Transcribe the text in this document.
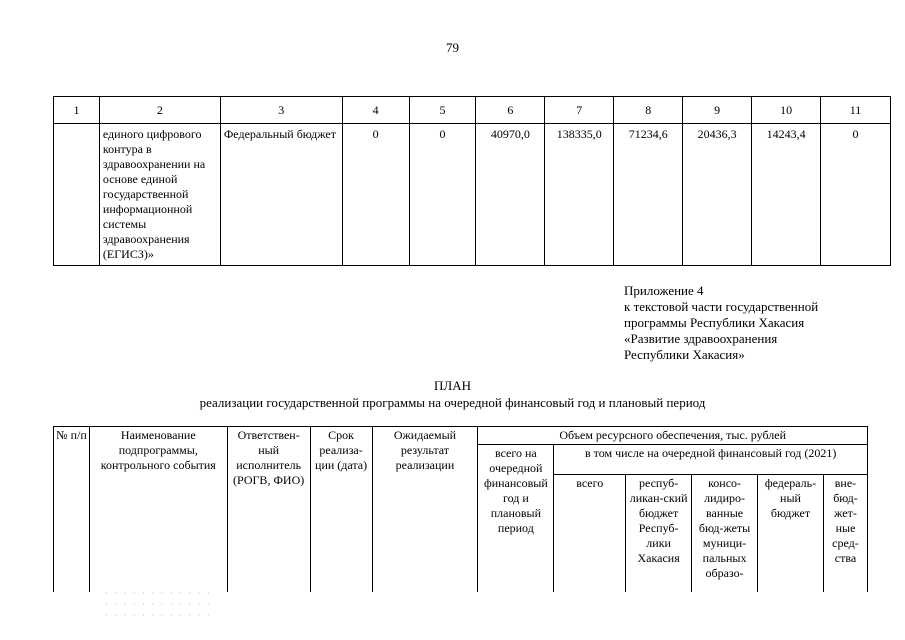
79
1	2	3	4	5	6	7	8	9	10	11
	единого цифрового контура в здравоохранении на основе единой государственной информационной системы здравоохранения (ЕГИСЗ)»	Федеральный бюджет	0	0	40970,0	138335,0	71234,6	20436,3	14243,4	0
Приложение 4
к текстовой части государственной
программы Республики Хакасия
«Развитие здравоохранения
Республики Хакасия»
ПЛАН
реализации государственной программы на очередной финансовый год и плановый период
№ п/п	Наименование подпрограммы, контрольного события	Ответствен-ный исполнитель (РОГВ, ФИО)	Срок реализа-ции (дата)	Ожидаемый результат реализации	Объем ресурсного обеспечения, тыс. рублей					
					всего на очередной финансовый год и плановый период	в том числе на очередной финансовый год (2021)				
						всего	респуб-ликан-ский бюджет Респуб-лики Хакасия	консо-лидиро-ванные бюд-жеты муници-пальных образо-	федераль-ный бюджет	вне-бюд-жет-ные сред-ства
· · · · · · · · · · · ·
· · · · · · · · · · · ·
· · · · · · · · · · · ·
